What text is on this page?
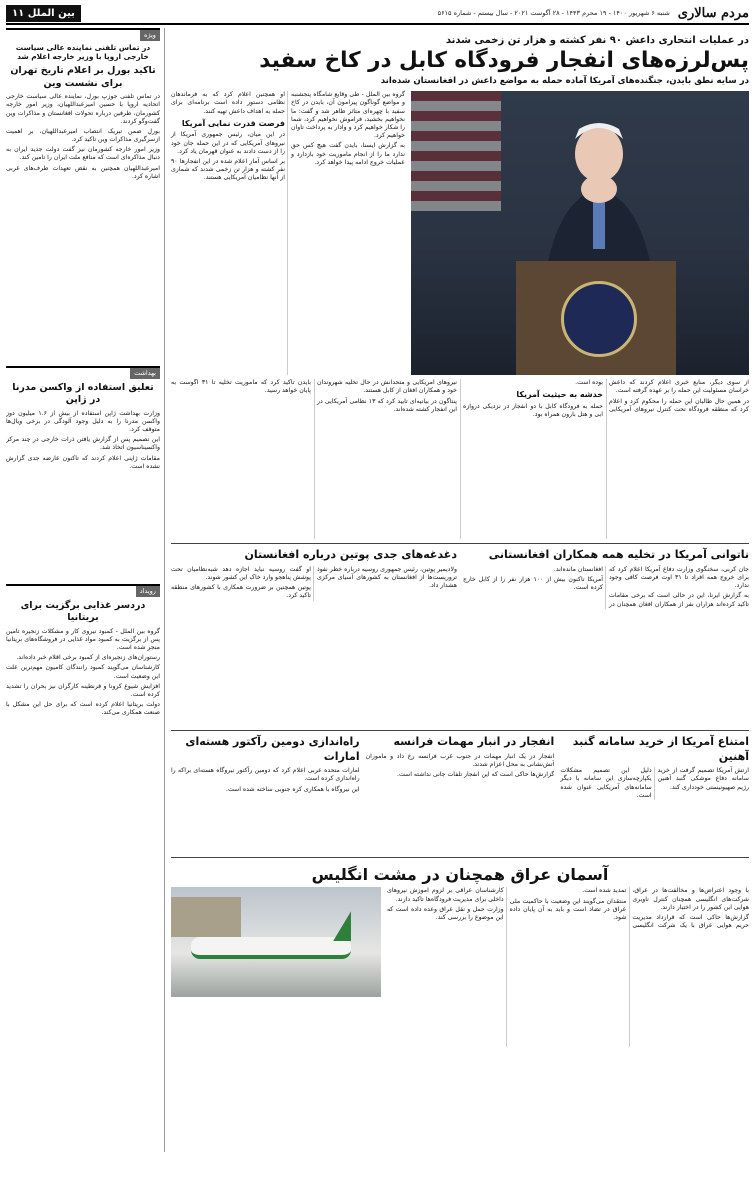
مردم سالاری
شنبه ۶ شهریور ۱۴۰۰ - ۱۹ محرم ۱۴۴۳ - ۲۸ آگوست ۲۰۲۱ - سال بیستم - شماره ۵۶۱۵
بین الملل ۱۱
در عملیات انتحاری داعش ۹۰ نفر کشته و هزار تن زخمی شدند
پس‌لرزه‌های انفجار فرودگاه کابل در کاخ سفید
در سایه نطق بایدن، جنگنده‌های آمریکا آماده حمله به مواضع داعش در افغانستان شده‌اند

گروه بین الملل - طی وقایع شامگاه پنجشنبه و مواضع گوناگون پیرامون آن، بایدن در کاخ سفید با چهره‌ای متاثر ظاهر شد و گفت: ما نخواهیم بخشید، فراموش نخواهیم کرد، شما را شکار خواهیم کرد و وادار به پرداخت تاوان خواهیم کرد.

به گزارش ایسنا، بایدن گفت هیچ کس حق ندارد ما را از انجام ماموریت خود بازدارد و عملیات خروج ادامه پیدا خواهد کرد.

او همچنین اعلام کرد که به فرماندهان نظامی دستور داده است برنامه‌ای برای حمله به اهداف داعش تهیه کنند.

فرصت قدرت نمایی آمریکا

در این میان، رئیس جمهوری آمریکا از نیروهای آمریکایی که در این حمله جان خود را از دست دادند به عنوان قهرمان یاد کرد.

بر اساس آمار اعلام شده در این انفجارها ۹۰ نفر کشته و هزار تن زخمی شدند که شماری از آنها نظامیان آمریکایی هستند.

از سوی دیگر، منابع خبری اعلام کردند که داعش خراسان مسئولیت این حمله را بر عهده گرفته است.

در همین حال طالبان این حمله را محکوم کرد و اعلام کرد که منطقه فرودگاه تحت کنترل نیروهای آمریکایی بوده است.

خدشه به حیثیت آمریکا

حمله به فرودگاه کابل با دو انفجار در نزدیکی دروازه ابی و هتل بارون همراه بود.

نیروهای آمریکایی و متحدانش در حال تخلیه شهروندان خود و همکاران افغان از کابل هستند.

پنتاگون در بیانیه‌ای تایید کرد که ۱۳ نظامی آمریکایی در این انفجار کشته شده‌اند.

بایدن تاکید کرد که ماموریت تخلیه تا ۳۱ آگوست به پایان خواهد رسید.

ناتوانی آمریکا در تخلیه همه همکاران افغانستانی

جان کربی، سخنگوی وزارت دفاع آمریکا اعلام کرد که برای خروج همه افراد تا ۳۱ اوت فرصت کافی وجود ندارد.

به گزارش ایرنا، این در حالی است که برخی مقامات تاکید کرده‌اند هزاران نفر از همکاران افغان همچنان در افغانستان مانده‌اند.

آمریکا تاکنون بیش از ۱۰۰ هزار نفر را از کابل خارج کرده است.

دغدغه‌های جدی پوتین درباره افغانستان

ولادیمیر پوتین، رئیس جمهوری روسیه درباره خطر نفوذ تروریست‌ها از افغانستان به کشورهای آسیای مرکزی هشدار داد.

او گفت روسیه نباید اجازه دهد شبه‌نظامیان تحت پوشش پناهجو وارد خاک این کشور شوند.

پوتین همچنین بر ضرورت همکاری با کشورهای منطقه تاکید کرد.

امتناع آمریکا از خرید سامانه گنبد آهنین

ارتش آمریکا تصمیم گرفت از خرید سامانه دفاع موشکی گنبد آهنین رژیم صهیونیستی خودداری کند.

دلیل این تصمیم مشکلات یکپارچه‌سازی این سامانه با دیگر سامانه‌های آمریکایی عنوان شده است.

انفجار در انبار مهمات فرانسه

انفجار در یک انبار مهمات در جنوب غرب فرانسه رخ داد و ماموران آتش‌نشانی به محل اعزام شدند.

گزارش‌ها حاکی است که این انفجار تلفات جانی نداشته است.

راه‌اندازی دومین رآکتور هسته‌ای امارات

امارات متحده عربی اعلام کرد که دومین رآکتور نیروگاه هسته‌ای براکه را راه‌اندازی کرده است.

این نیروگاه با همکاری کره جنوبی ساخته شده است.

آسمان عراق همچنان در مشت انگلیس

با وجود اعتراض‌ها و مخالفت‌ها در عراق، شرکت‌های انگلیسی همچنان کنترل ناوبری هوایی این کشور را در اختیار دارند.

گزارش‌ها حاکی است که قرارداد مدیریت حریم هوایی عراق با یک شرکت انگلیسی تمدید شده است.

منتقدان می‌گویند این وضعیت با حاکمیت ملی عراق در تضاد است و باید به آن پایان داده شود.

کارشناسان عراقی بر لزوم آموزش نیروهای داخلی برای مدیریت فرودگاه‌ها تاکید دارند.

وزارت حمل و نقل عراق وعده داده است که این موضوع را بررسی کند.

ویژه
در تماس تلفنی نماینده عالی سیاست خارجی اروپا با وزیر خارجه اعلام شد
تاکید بورل بر اعلام تاریخ تهران برای نشست وین

در تماس تلفنی جوزپ بورل، نماینده عالی سیاست خارجی اتحادیه اروپا با حسین امیرعبداللهیان، وزیر امور خارجه کشورمان، طرفین درباره تحولات افغانستان و مذاکرات وین گفت‌وگو کردند.

بورل ضمن تبریک انتصاب امیرعبداللهیان، بر اهمیت ازسرگیری مذاکرات وین تاکید کرد.

وزیر امور خارجه کشورمان نیز گفت دولت جدید ایران به دنبال مذاکره‌ای است که منافع ملت ایران را تامین کند.

امیرعبداللهیان همچنین به نقض تعهدات طرف‌های غربی اشاره کرد.

بهداشت
تعلیق استفاده از واکسن مدرنا در ژاپن

وزارت بهداشت ژاپن استفاده از بیش از ۱.۶ میلیون دوز واکسن مدرنا را به دلیل وجود آلودگی در برخی ویال‌ها متوقف کرد.

این تصمیم پس از گزارش یافتن ذرات خارجی در چند مرکز واکسیناسیون اتخاذ شد.

مقامات ژاپنی اعلام کردند که تاکنون عارضه جدی گزارش نشده است.

رویداد
دردسر غذایی برگزیت برای بریتانیا

گروه بین الملل - کمبود نیروی کار و مشکلات زنجیره تامین پس از برگزیت به کمبود مواد غذایی در فروشگاه‌های بریتانیا منجر شده است.

رستوران‌های زنجیره‌ای از کمبود برخی اقلام خبر داده‌اند.

کارشناسان می‌گویند کمبود رانندگان کامیون مهم‌ترین علت این وضعیت است.

افزایش شیوع کرونا و قرنطینه کارگران نیز بحران را تشدید کرده است.

دولت بریتانیا اعلام کرده است که برای حل این مشکل با صنعت همکاری می‌کند.
